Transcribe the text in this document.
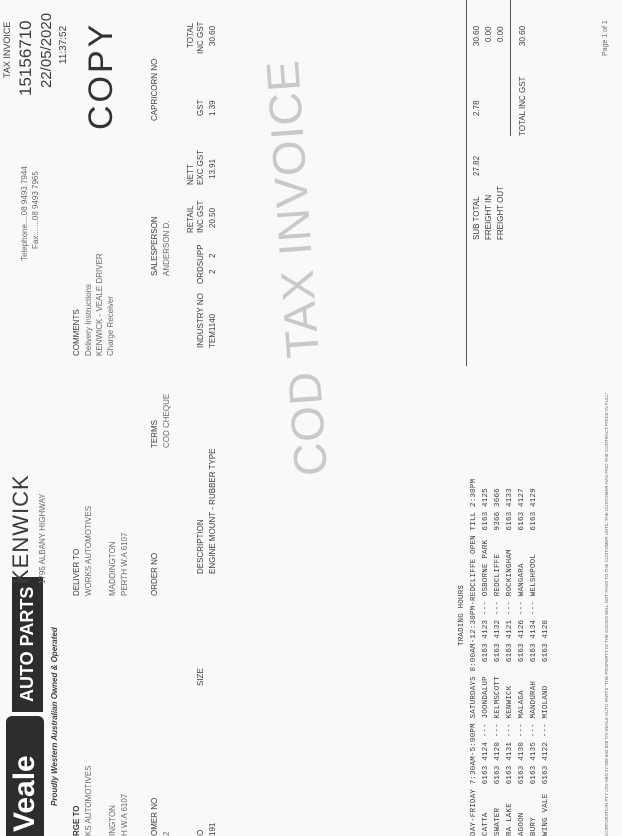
Veale
AUTO PARTS	Proudly Western Australian Owned & Operated
KENWICK 1795 ALBANY HIGHWAY
Telephone....08 9493 7944 Fax.......08 9493 7965
TAX INVOICE 15156710 22/05/2020 11:37:52 COPY
RGE TO KS AUTOMOTIVES INGTON H W.A 6107
DELIVER TO WORKS AUTOMOTIVES MADDINGTON PERTH W.A 6107
COMMENTS Delivery Instructions KENWICK - VEALE DRIVER Charge Receiver
OMER NO 2
ORDER NO
TERMS COD CHEQUE
SALESPERSON ANDERSON D.
CAPRICORN NO
O
SIZE
DESCRIPTION
INDUSTRY NO
ORDSUPP
RETAIL INC GST
NETT EXC GST
GST
TOTAL INC GST
191
ENGINE MOUNT - RUBBER TYPE
TEM1140
2
2
20.50
13.91
1.39
30.60
COD TAX INVOICE
TRADING HOURS DAY-FRIDAY 7:30AM-5:00PM SATURDAYS 8:00AM-12:30PM-REDCLIFFE OPEN TILL 2:30PM CATTA      6163 4124 --- JOONDALUP   6163 4123 --- OSBORNE PARK  6163 4125 SWATER     6163 4120 --- KELMSCOTT   6163 4132 --- REDCLIFFE     9366 3666 RA LAKE    6163 4131 --- KENWICK     6163 4121 --- ROCKINGHAM    6163 4133 AGOON      6163 4130 --- MALAGA      6163 4126 --- WANGARA       6163 4127 BURY       6163 4135 --- MANDURAH    6163 4134 --- WELSHPOOL     6163 4129 WING VALE  6163 4122 --- MIDLAND     6163 4128
SUB TOTAL FREIGHT IN FREIGHT OUT
27.82
2.78
30.60 0.00 0.00
TOTAL INC GST
30.60
CORPORATION PTY LTD ABN 27 008 842 698 T/A VEALE AUTO PARTS "THE PROPERTY IN THE GOODS WILL NOT PASS TO THE CUSTOMER UNTIL THE CUSTOMER HAS PAID THE CONTRACT PRICE IN FULL"
Page 1 of 1
